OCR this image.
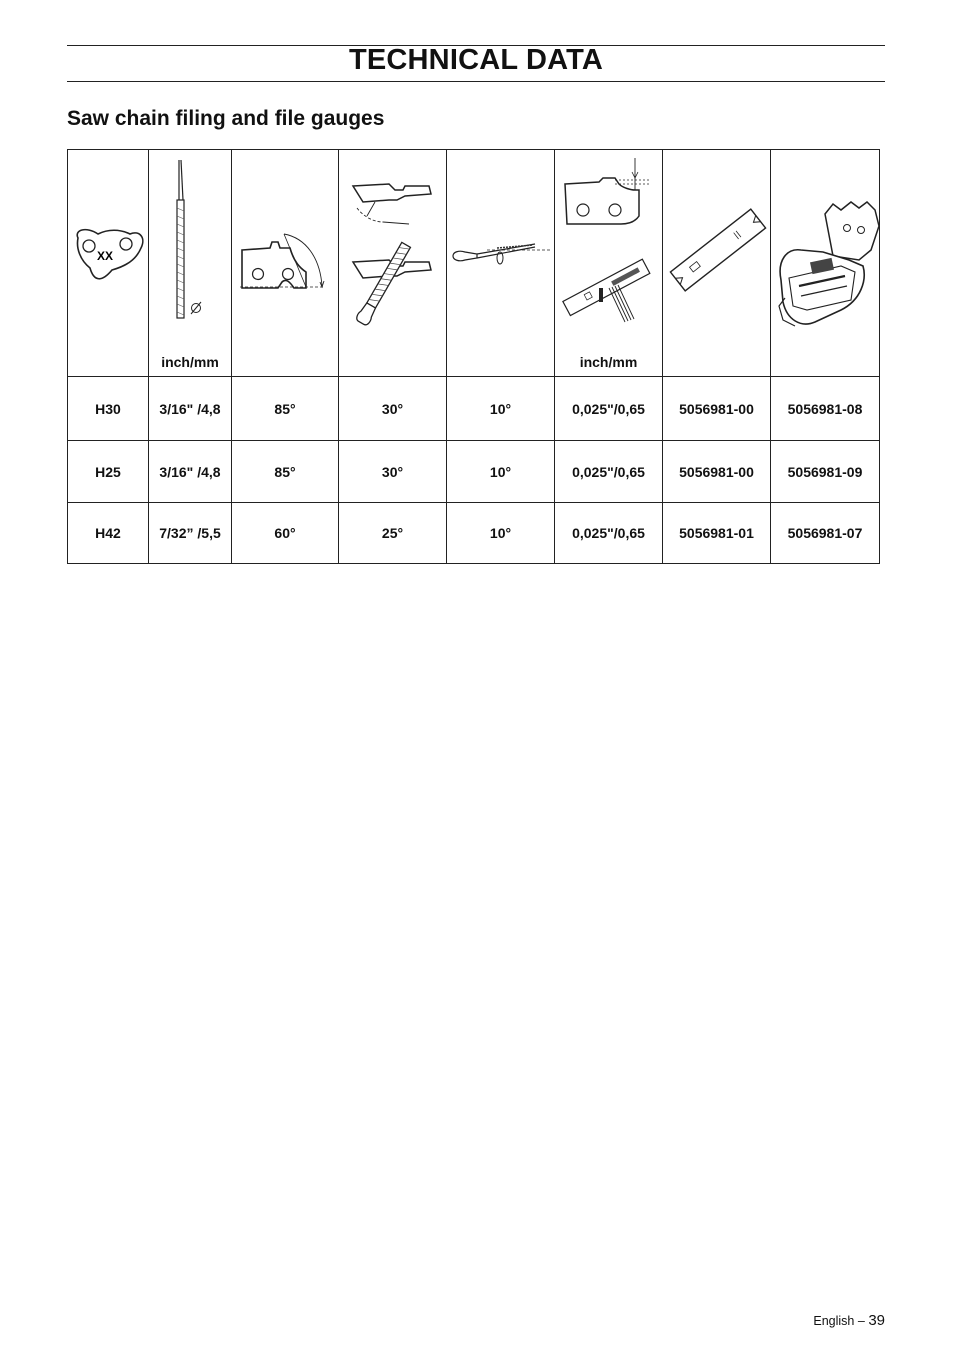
TECHNICAL DATA
Saw chain filing and file gauges
XX	inch/mm				inch/mm

H30	3/16" /4,8	85°	30°	10°	0,025"/0,65	5056981-00	5056981-08
H25	3/16" /4,8	85°	30°	10°	0,025"/0,65	5056981-00	5056981-09
H42	7/32” /5,5	60°	25°	10°	0,025"/0,65	5056981-01	5056981-07
English – 39
